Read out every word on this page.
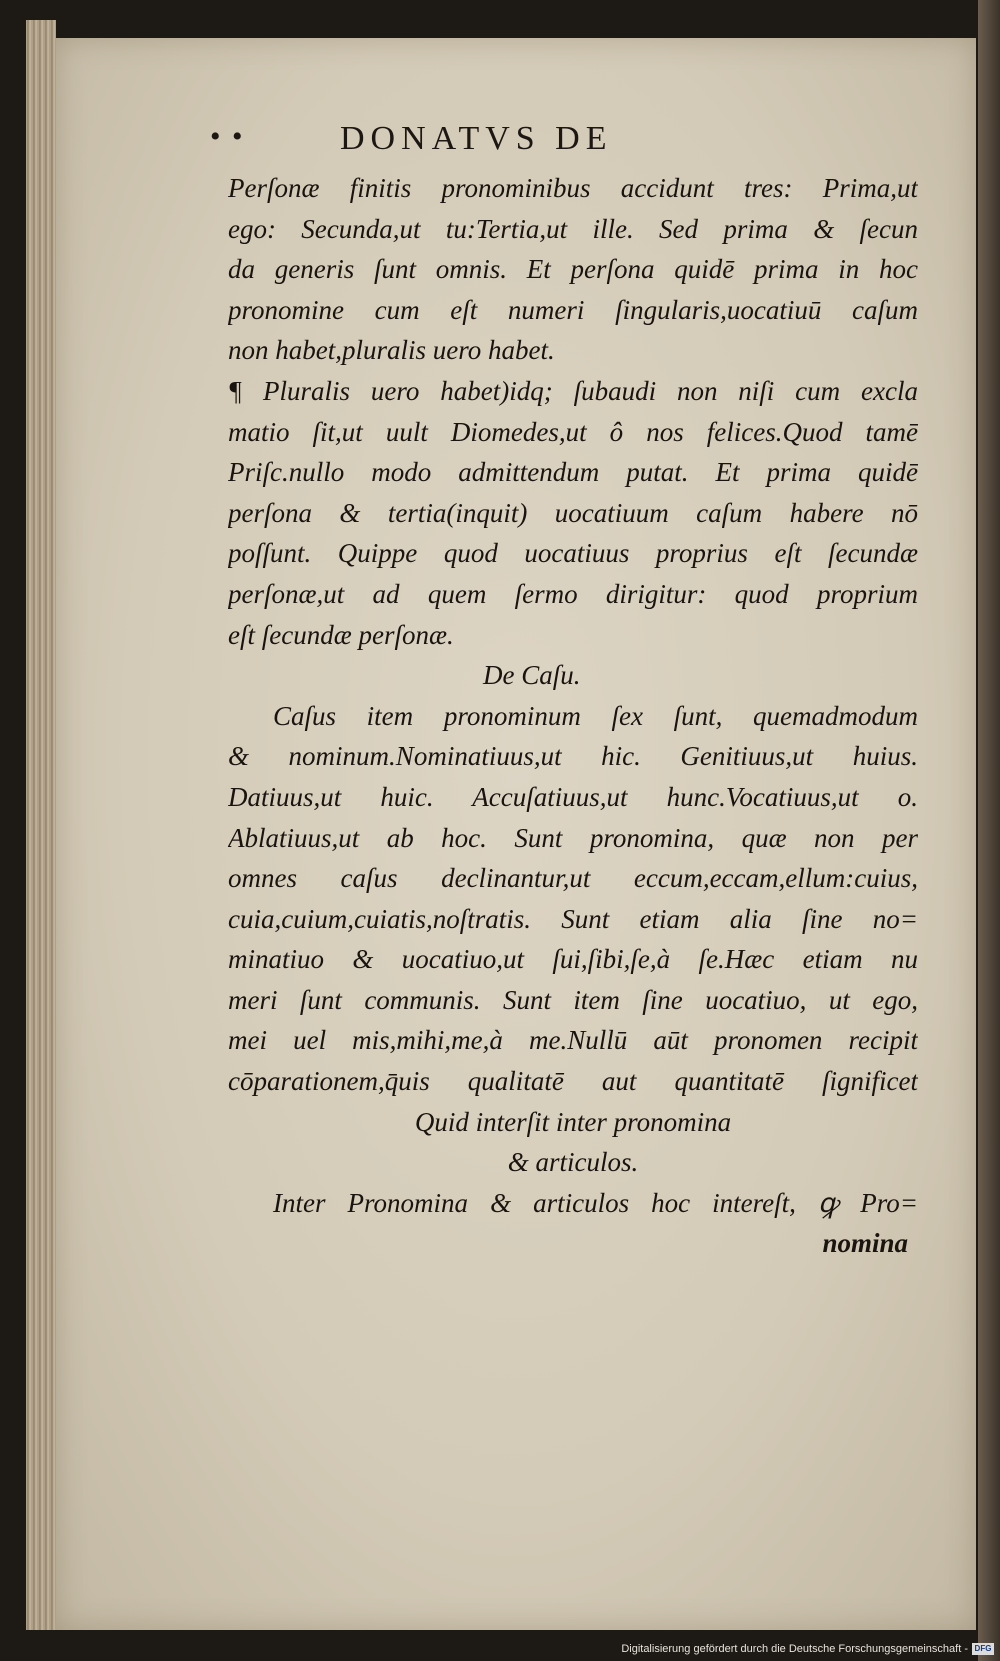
• •	DONATVS DE
Perſonæ finitis pronominibus accidunt tres: Prima,ut
ego: Secunda,ut tu:Tertia,ut ille. Sed prima & ſecun
da generis ſunt omnis. Et perſona quidē prima in hoc
pronomine cum eſt numeri ſingularis,uocatiuū caſum
non habet,pluralis uero habet.
¶ Pluralis uero habet)idq; ſubaudi non niſi cum excla
matio ſit,ut uult Diomedes,ut ô nos felices.Quod tamē
Priſc.nullo modo admittendum putat. Et prima quidē
perſona & tertia(inquit) uocatiuum caſum habere nō
poſſunt. Quippe quod uocatiuus proprius eſt ſecundæ
perſonæ,ut ad quem ſermo dirigitur: quod proprium
eſt ſecundæ perſonæ.
De Caſu.
Caſus item pronominum ſex ſunt, quemadmodum
& nominum.Nominatiuus,ut hic. Genitiuus,ut huius.
Datiuus,ut huic. Accuſatiuus,ut hunc.Vocatiuus,ut o.
Ablatiuus,ut ab hoc. Sunt pronomina, quæ non per
omnes caſus declinantur,ut eccum,eccam,ellum:cuius,
cuia,cuium,cuiatis,noſtratis. Sunt etiam alia ſine no=
minatiuo & uocatiuo,ut ſui,ſibi,ſe,à ſe.Hæc etiam nu
meri ſunt communis. Sunt item ſine uocatiuo, ut ego,
mei uel mis,mihi,me,à me.Nullū aūt pronomen recipit
cōparationem,q̄uis qualitatē aut quantitatē ſignificet
Quid interſit inter pronomina
& articulos.
Inter Pronomina & articulos hoc intereſt, ꝙ Pro=
nomina
Digitalisierung gefördert durch die Deutsche Forschungsgemeinschaft - DFG
